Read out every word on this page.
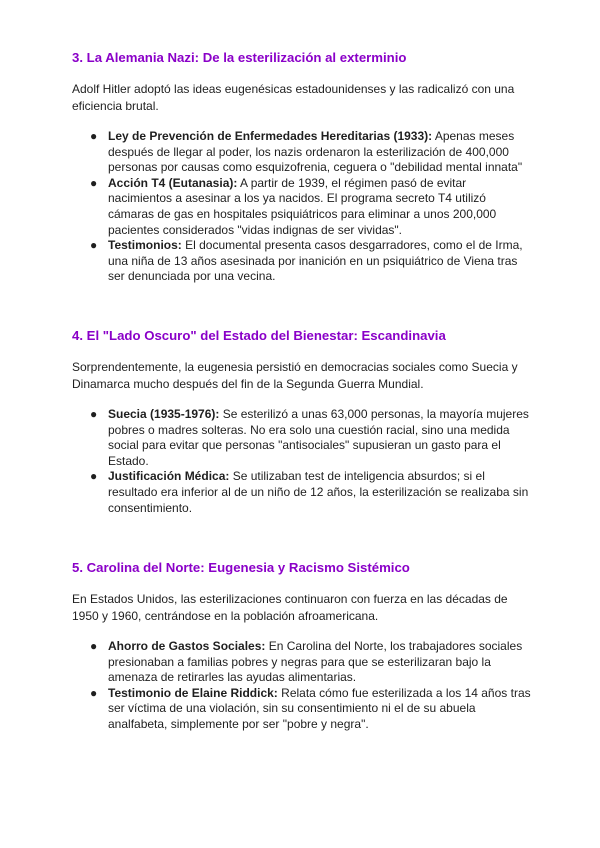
3. La Alemania Nazi: De la esterilización al exterminio

Adolf Hitler adoptó las ideas eugenésicas estadounidenses y las radicalizó con una eficiencia brutal.

● Ley de Prevención de Enfermedades Hereditarias (1933): Apenas meses después de llegar al poder, los nazis ordenaron la esterilización de 400,000 personas por causas como esquizofrenia, ceguera o "debilidad mental innata"
● Acción T4 (Eutanasia): A partir de 1939, el régimen pasó de evitar nacimientos a asesinar a los ya nacidos. El programa secreto T4 utilizó cámaras de gas en hospitales psiquiátricos para eliminar a unos 200,000 pacientes considerados "vidas indignas de ser vividas".
● Testimonios: El documental presenta casos desgarradores, como el de Irma, una niña de 13 años asesinada por inanición en un psiquiátrico de Viena tras ser denunciada por una vecina.
4. El "Lado Oscuro" del Estado del Bienestar: Escandinavia

Sorprendentemente, la eugenesia persistió en democracias sociales como Suecia y Dinamarca mucho después del fin de la Segunda Guerra Mundial.

● Suecia (1935-1976): Se esterilizó a unas 63,000 personas, la mayoría mujeres pobres o madres solteras. No era solo una cuestión racial, sino una medida social para evitar que personas "antisociales" supusieran un gasto para el Estado.
● Justificación Médica: Se utilizaban test de inteligencia absurdos; si el resultado era inferior al de un niño de 12 años, la esterilización se realizaba sin consentimiento.
5. Carolina del Norte: Eugenesia y Racismo Sistémico

En Estados Unidos, las esterilizaciones continuaron con fuerza en las décadas de 1950 y 1960, centrándose en la población afroamericana.

● Ahorro de Gastos Sociales: En Carolina del Norte, los trabajadores sociales presionaban a familias pobres y negras para que se esterilizaran bajo la amenaza de retirarles las ayudas alimentarias.
● Testimonio de Elaine Riddick: Relata cómo fue esterilizada a los 14 años tras ser víctima de una violación, sin su consentimiento ni el de su abuela analfabeta, simplemente por ser "pobre y negra".
